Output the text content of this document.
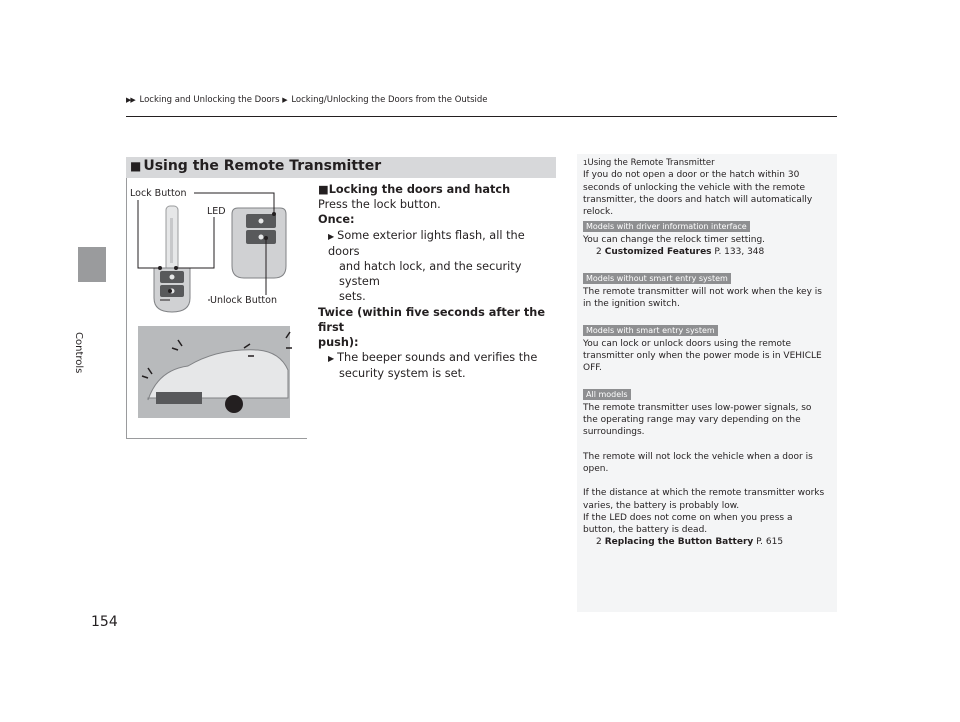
▶▶ Locking and Unlocking the Doors ▶ Locking/Unlocking the Doors from the Outside
Controls
154
■ Using the Remote Transmitter
Lock Button
LED
Unlock Button
■Locking the doors and hatch
Press the lock button.
Once:
▶ Some exterior lights flash, all the doors
and hatch lock, and the security system
sets.
Twice (within five seconds after the first
push):
▶ The beeper sounds and verifies the
security system is set.

1Using the Remote Transmitter

If you do not open a door or the hatch within 30

seconds of unlocking the vehicle with the remote

transmitter, the doors and hatch will automatically

relock.

Models with driver information interface

You can change the relock timer setting.

2 Customized Features P. 133, 348

Models without smart entry system

The remote transmitter will not work when the key is

in the ignition switch.

Models with smart entry system

You can lock or unlock doors using the remote

transmitter only when the power mode is in VEHICLE

OFF.

All models

The remote transmitter uses low-power signals, so

the operating range may vary depending on the

surroundings.

The remote will not lock the vehicle when a door is

open.

If the distance at which the remote transmitter works

varies, the battery is probably low.

If the LED does not come on when you press a

button, the battery is dead.

2 Replacing the Button Battery P. 615
